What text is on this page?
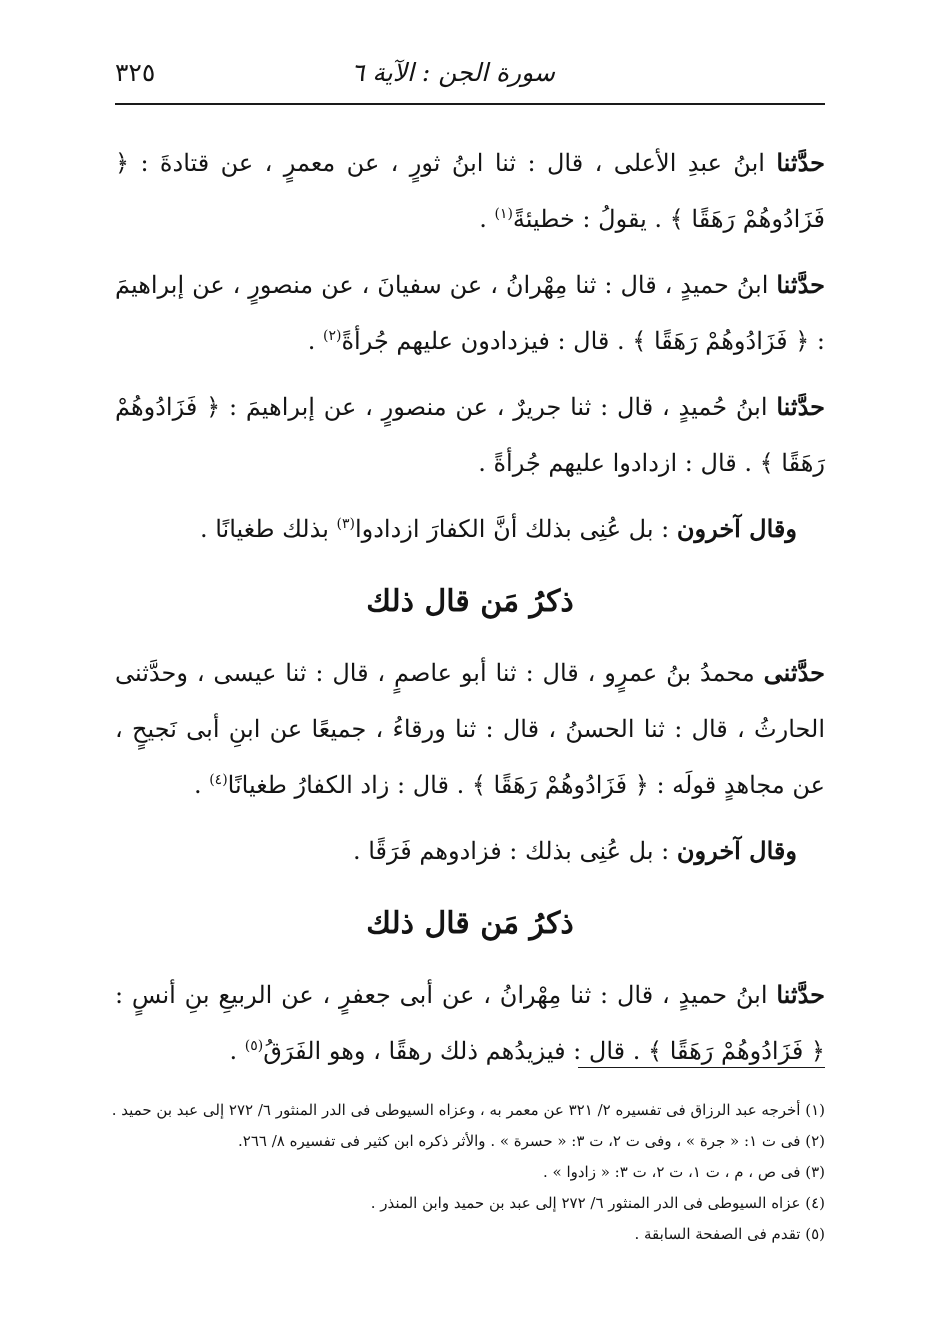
سورة الجن : الآية ٦
٣٢٥

حدَّثنا ابنُ عبدِ الأعلى ، قال : ثنا ابنُ ثورٍ ، عن معمرٍ ، عن قتادةَ : ﴿ فَزَادُوهُمْ رَهَقًا ﴾ . يقولُ : خطيئةً$^{(١)}$ .

حدَّثنا ابنُ حميدٍ ، قال : ثنا مِهْرانُ ، عن سفيانَ ، عن منصورٍ ، عن إبراهيمَ : ﴿ فَزَادُوهُمْ رَهَقًا ﴾ . قال : فيزدادون عليهم جُرأةً$^{(٢)}$ .

حدَّثنا ابنُ حُميدٍ ، قال : ثنا جريرٌ ، عن منصورٍ ، عن إبراهيمَ : ﴿ فَزَادُوهُمْ رَهَقًا ﴾ . قال : ازدادوا عليهم جُرأةً .

وقال آخرون : بل عُنِى بذلك أنَّ الكفارَ ازدادوا$^{(٣)}$ بذلك طغيانًا .

ذكرُ مَن قال ذلك

حدَّثنى محمدُ بنُ عمرٍو ، قال : ثنا أبو عاصمٍ ، قال : ثنا عيسى ، وحدَّثنى الحارثُ ، قال : ثنا الحسنُ ، قال : ثنا ورقاءُ ، جميعًا عن ابنِ أبى نَجيحٍ ، عن مجاهدٍ قولَه : ﴿ فَزَادُوهُمْ رَهَقًا ﴾ . قال : زاد الكفارُ طغيانًا$^{(٤)}$ .

وقال آخرون : بل عُنِى بذلك : فزادوهم فَرَقًا .

ذكرُ مَن قال ذلك

حدَّثنا ابنُ حميدٍ ، قال : ثنا مِهْرانُ ، عن أبى جعفرٍ ، عن الربيعِ بنِ أنسٍ : ﴿ فَزَادُوهُمْ رَهَقًا ﴾ . قال : فيزيدُهم ذلك رهقًا ، وهو الفَرَقُ$^{(٥)}$ .

(١) أخرجه عبد الرزاق فى تفسيره ٢/ ٣٢١ عن معمر به ، وعزاه السيوطى فى الدر المنثور ٦/ ٢٧٢ إلى عبد بن حميد .
(٢) فى ت ١: « جرة » ، وفى ت ٢، ت ٣: « حسرة » . والأثر ذكره ابن كثير فى تفسيره ٨/ ٢٦٦.
(٣) فى ص ، م ، ت ١، ت ٢، ت ٣: « زادوا » .
(٤) عزاه السيوطى فى الدر المنثور ٦/ ٢٧٢ إلى عبد بن حميد وابن المنذر .
(٥) تقدم فى الصفحة السابقة .
